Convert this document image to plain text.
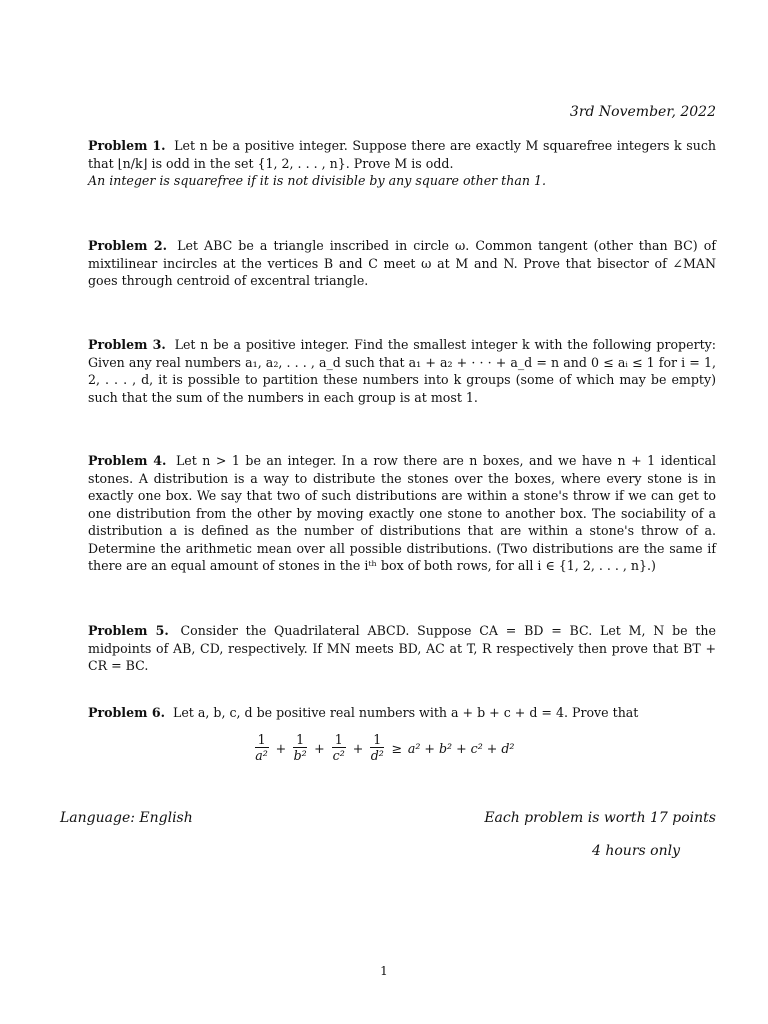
3rd November, 2022
Problem 1. Let n be a positive integer. Suppose there are exactly M squarefree integers k such that ⌊n/k⌋ is odd in the set {1, 2, . . . , n}. Prove M is odd.
An integer is squarefree if it is not divisible by any square other than 1.
Problem 2. Let ABC be a triangle inscribed in circle ω. Common tangent (other than BC) of mixtilinear incircles at the vertices B and C meet ω at M and N. Prove that bisector of ∠MAN goes through centroid of excentral triangle.
Problem 3. Let n be a positive integer. Find the smallest integer k with the following property: Given any real numbers a₁, a₂, . . . , a_d such that a₁ + a₂ + · · · + a_d = n and 0 ≤ aᵢ ≤ 1 for i = 1, 2, . . . , d, it is possible to partition these numbers into k groups (some of which may be empty) such that the sum of the numbers in each group is at most 1.
Problem 4. Let n > 1 be an integer. In a row there are n boxes, and we have n + 1 identical stones. A distribution is a way to distribute the stones over the boxes, where every stone is in exactly one box. We say that two of such distributions are within a stone's throw if we can get to one distribution from the other by moving exactly one stone to another box. The sociability of a distribution a is defined as the number of distributions that are within a stone's throw of a. Determine the arithmetic mean over all possible distributions. (Two distributions are the same if there are an equal amount of stones in the iᵗʰ box of both rows, for all i ∈ {1, 2, . . . , n}.)
Problem 5. Consider the Quadrilateral ABCD. Suppose CA = BD = BC. Let M, N be the midpoints of AB, CD, respectively. If MN meets BD, AC at T, R respectively then prove that BT + CR = BC.
Problem 6. Let a, b, c, d be positive real numbers with a + b + c + d = 4. Prove that
$\frac{1}{\text{a²}} + \frac{1}{\text{b²}} + \frac{1}{\text{c²}} + \frac{1}{\text{d²}} \ge a^2 + b^2 + c^2 + d^2$
Language: English	Each problem is worth 17 points
4 hours only
1
